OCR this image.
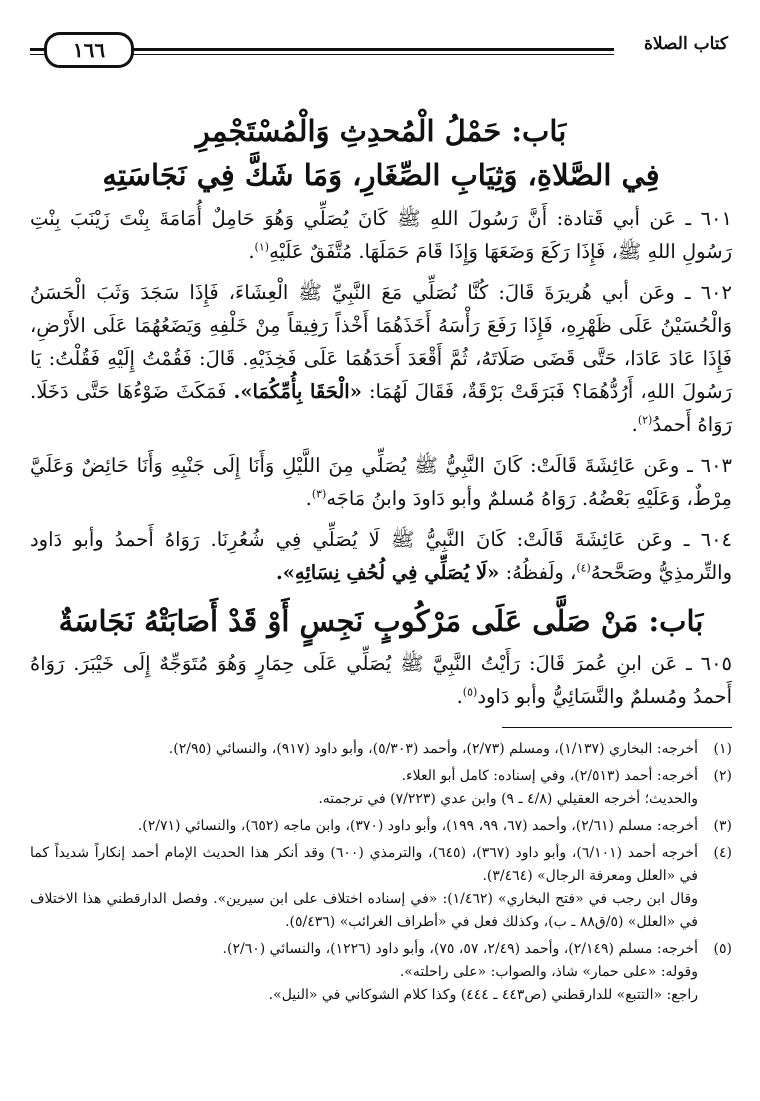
كتاب الصلاة
١٦٦

بَاب: حَمْلُ الْمُحدِثِ وَالْمُسْتَجْمِرِ

فِي الصَّلاةِ، وَثِيَابِ الصِّغَارِ، وَمَا شَكَّ فِي نَجَاسَتِهِ

٦٠١ ـ عَن أبي قَتادة: أَنَّ رَسُولَ اللهِ ﷺ كَانَ يُصَلِّي وَهُوَ حَامِلٌ أُمَامَةَ بِنْتَ زَيْنَبَ بِنْتِ رَسُولِ اللهِ ﷺ، فَإِذَا رَكَعَ وَضَعَهَا وَإِذَا قَامَ حَمَلَهَا. مُتَّفَقٌ عَلَيْهِ$^{(١)}$.

٦٠٢ ـ وعَن أبي هُريرَةَ قَالَ: كُنَّا نُصَلِّي مَعَ النَّبِيِّ ﷺ الْعِشَاءَ، فَإِذَا سَجَدَ وَثَبَ الْحَسَنُ وَالْحُسَيْنُ عَلَى ظَهْرِهِ، فَإِذَا رَفَعَ رَأْسَهُ أَخَذَهُمَا أَخْذاً رَفِيقاً مِنْ خَلْفِهِ وَيَضَعُهُمَا عَلَى الأَرْضِ، فَإِذَا عَادَ عَادَا، حَتَّى قَضَى صَلَاتَهُ، ثُمَّ أَقْعَدَ أَحَدَهُمَا عَلَى فَخِذَيْهِ. قَالَ: فَقُمْتُ إِلَيْهِ فَقُلْتُ: يَا رَسُولَ اللهِ، أَرُدُّهُمَا؟ فَبَرَقَتْ بَرْقَةٌ، فَقَالَ لَهُمَا: «الْحَقَا بِأُمِّكُمَا». فَمَكَثَ ضَوْءُهَا حَتَّى دَخَلَا. رَوَاهُ أَحمدُ$^{(٢)}$.

٦٠٣ ـ وعَن عَائِشَةَ قَالَتْ: كَانَ النَّبِيُّ ﷺ يُصَلِّي مِنَ اللَّيْلِ وَأَنَا إِلَى جَنْبِهِ وَأَنَا حَائِضٌ وَعَلَيَّ مِرْطٌ، وَعَلَيْهِ بَعْضُهُ. رَوَاهُ مُسلمٌ وأبو دَاودَ وابنُ مَاجَه$^{(٣)}$.

٦٠٤ ـ وعَن عَائِشَةَ قَالَتْ: كَانَ النَّبِيُّ ﷺ لَا يُصَلِّي فِي شُعُرِنَا. رَوَاهُ أَحمدُ وأبو دَاود والتِّرمذِيُّ وصَحَّحهُ$^{(٤)}$، ولَفظُهُ: «لَا يُصَلِّي فِي لُحُفِ نِسَائِهِ».

بَاب: مَنْ صَلَّى عَلَى مَرْكُوبٍ نَجِسٍ أَوْ قَدْ أَصَابَتْهُ نَجَاسَةٌ

٦٠٥ ـ عَن ابنِ عُمرَ قَالَ: رَأَيْتُ النَّبِيَّ ﷺ يُصَلِّي عَلَى حِمَارٍ وَهُوَ مُتَوَجِّهٌ إِلَى خَيْبَرَ. رَوَاهُ أَحمدُ ومُسلمٌ والنَّسَائِيُّ وأبو دَاود$^{(٥)}$.

(١)
أخرجه: البخاري (١/١٣٧)، ومسلم (٢/٧٣)، وأحمد (٥/٣٠٣)، وأبو داود (٩١٧)، والنسائي (٢/٩٥).
(٢)
أخرجه: أحمد (٢/٥١٣)، وفي إسناده: كامل أبو العلاء.
والحديث؛ أخرجه العقيلي (٤/٨ ـ ٩) وابن عدي (٧/٢٢٣) في ترجمته.
(٣)
أخرجه: مسلم (٢/٦١)، وأحمد (٦٧، ٩٩، ١٩٩)، وأبو داود (٣٧٠)، وابن ماجه (٦٥٢)، والنسائي (٢/٧١).
(٤)
أخرجه أحمد (٦/١٠١)، وأبو داود (٣٦٧)، (٦٤٥)، والترمذي (٦٠٠) وقد أنكر هذا الحديث الإمام أحمد إنكاراً شديداً كما في «العلل ومعرفة الرجال» (٣/٤٦٤).
وقال ابن رجب في «فتح البخاري» (١/٤٦٢): «في إسناده اختلاف على ابن سيرين». وفصل الدارقطني هذا الاختلاف في «العلل» (٥/ق٨٨ ـ ب)، وكذلك فعل في «أطراف الغرائب» (٥/٤٣٦).
(٥)
أخرجه: مسلم (٢/١٤٩)، وأحمد (٢/٤٩، ٥٧، ٧٥)، وأبو داود (١٢٢٦)، والنسائي (٢/٦٠).
وقوله: «على حمار» شاذ، والصواب: «على راحلته».
راجع: «التتبع» للدارقطني (ص٤٤٣ ـ ٤٤٤) وكذا كلام الشوكاني في «النيل».
